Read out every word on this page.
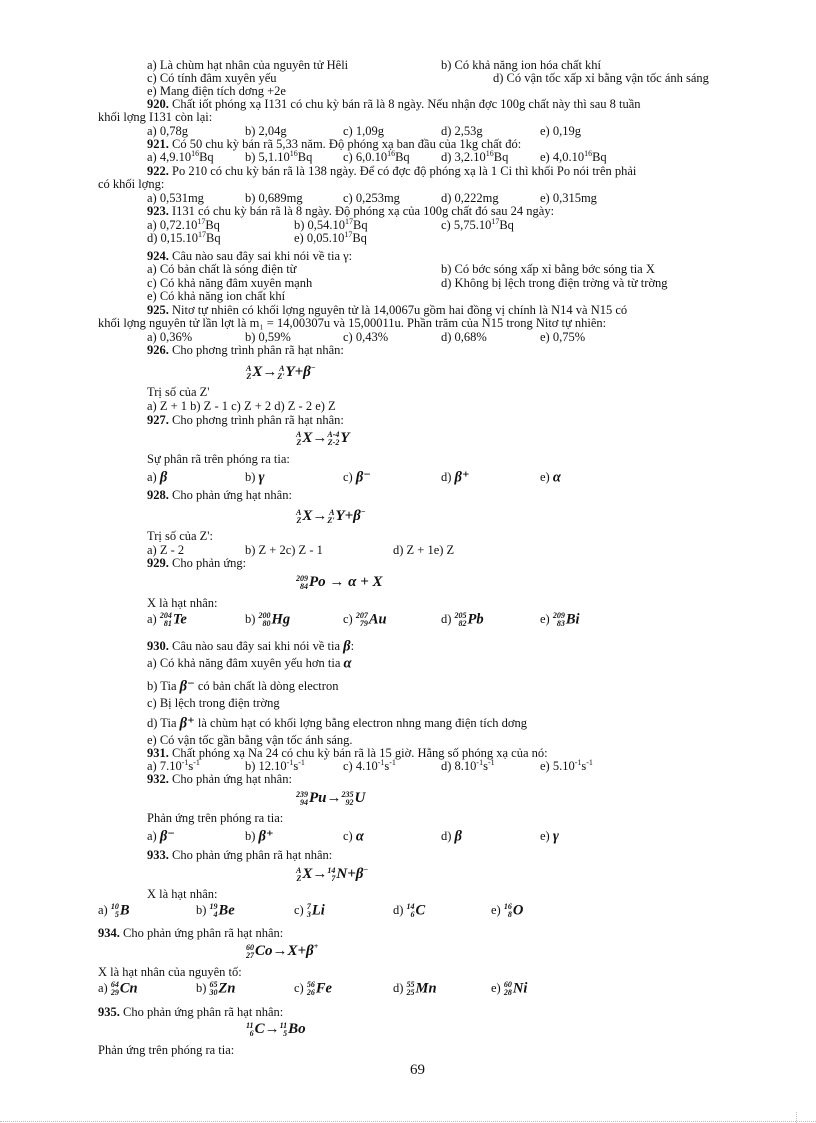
a) Là chùm hạt nhân của nguyên tử Hêli	b) Có khả năng ion hóa chất khí
c) Có tính đâm xuyên yếu	d) Có vận tốc xấp xỉ bằng vận tốc ánh sáng
e) Mang điện tích dơng +2e
920. Chất iốt phóng xạ I131 có chu kỳ bán rã là 8 ngày. Nếu nhận đợc 100g chất này thì sau 8 tuần
khối lợng I131 còn lại:
a) 0,78g	b) 2,04g	c) 1,09g	d) 2,53g	e) 0,19g
921. Có 50 chu kỳ bán rã 5,33 năm. Độ phóng xạ ban đầu của 1kg chất đó:
a) 4,9.10$^{16}$Bq	b) 5,1.10$^{16}$Bq c) 6,0.10$^{16}$Bq	d) 3,2.10$^{16}$Bq	e) 4,0.10$^{16}$Bq
922. Po 210 có chu kỳ bán rã là 138 ngày. Để có đợc độ phóng xạ là 1 Ci thì khối Po nói trên phải
có khối lợng:
a) 0,531mg	b) 0,689mg	c) 0,253mg	d) 0,222mg	e) 0,315mg
923. I131 có chu kỳ bán rã là 8 ngày. Độ phóng xạ của 100g chất đó sau 24 ngày:
a) 0,72.10$^{17}$Bq	b) 0,54.10$^{17}$Bq	c) 5,75.10$^{17}$Bq
d) 0,15.10$^{17}$Bq	e) 0,05.10$^{17}$Bq
924. Câu nào sau đây sai khi nói về tia γ:
a) Có bản chất là sóng điện từ	b) Có bớc sóng xấp xỉ bằng bớc sóng tia X
c) Có khả năng đâm xuyên mạnh	d) Không bị lệch trong điện trờng và từ trờng
e) Có khả năng ion chất khí
925. Nitơ tự nhiên có khối lợng nguyên tử là 14,0067u gồm hai đồng vị chính là N14 và N15 có
khối lợng nguyên tử lần lợt là m₁ = 14,00307u và 15,00011u. Phần trăm của N15 trong Nitơ tự nhiên:
a) 0,36%	b) 0,59%	c) 0,43%	d) 0,68%	e) 0,75%
926. Cho phơng trình phân rã hạt nhân:
A
Z X→ A
Z' Y+β−
Trị số của Z'
a) Z + 1 b) Z - 1 c) Z + 2 d) Z - 2 e) Z
927. Cho phơng trình phân rã hạt nhân:
A
Z X→ A-4
Z-2 Y
Sự phân rã trên phóng ra tia:
a) β	b) γ	c) β⁻	d) β⁺	e) α
928. Cho phản ứng hạt nhân:
A
Z X→ A
Z' Y+β−
Trị số của Z':
a) Z - 2	b) Z + 2c) Z - 1	d) Z + 1e) Z
929. Cho phản ứng:
209
84 Po → α + X
X là hạt nhân:
a) 204
81 Te	b) 200
80 Hg	c) 207
79 Au	d) 205
82 Pb	e) 209
83 Bi
930. Câu nào sau đây sai khi nói về tia β:
a) Có khả năng đâm xuyên yếu hơn tia α
b) Tia β⁻ có bản chất là dòng electron
c) Bị lệch trong điện trờng
d) Tia β⁺ là chùm hạt có khối lợng bằng electron nhng mang điện tích dơng
e) Có vận tốc gần bằng vận tốc ánh sáng.
931. Chất phóng xạ Na 24 có chu kỳ bán rã là 15 giờ. Hằng số phóng xạ của nó:
a) $7.10^{-1}s^{-1}$	b) $12.10^{-1}s^{-1}$	c) $4.10^{-1}s^{-1}$	d) $8.10^{-1}s^{-1}$	e) $5.10^{-1}s^{-1}$
932. Cho phản ứng hạt nhân:
239
94 Pu→ 235
92 U
Phản ứng trên phóng ra tia:
a) β⁻	b) β⁺	c) α	d) β	e) γ
933. Cho phản ứng phân rã hạt nhân:
A
Z X→ 14
7 N+β−
X là hạt nhân:
a) 10
5 B	b) 19
4 Be	c) 7
3 Li	d) 14
6 C	e) 16
8 O
934. Cho phản ứng phân rã hạt nhân:
60
27 Co→X+β+
X là hạt nhân của nguyên tố:
a) 64
29 Cn	b) 65
30 Zn	c) 56
26 Fe	d) 55
25 Mn	e) 60
28 Ni
935. Cho phản ứng phân rã hạt nhân:
11
6 C→ 11
5 Bo
Phản ứng trên phóng ra tia:
69
